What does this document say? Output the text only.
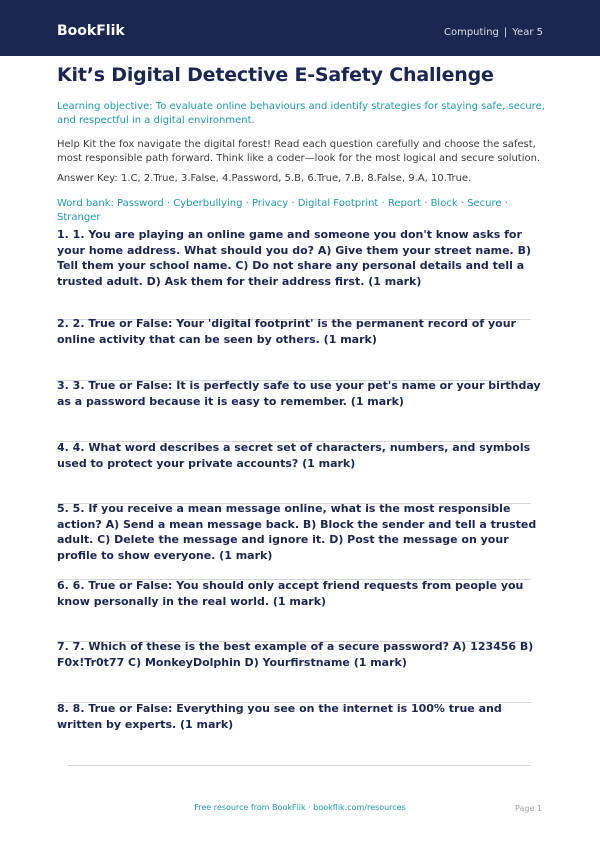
BookFlik	Computing | Year 5
Kit’s Digital Detective E-Safety Challenge
Learning objective: To evaluate online behaviours and identify strategies for staying safe, secure, and respectful in a digital environment.
Help Kit the fox navigate the digital forest! Read each question carefully and choose the safest, most responsible path forward. Think like a coder—look for the most logical and secure solution.
Answer Key: 1.C, 2.True, 3.False, 4.Password, 5.B, 6.True, 7.B, 8.False, 9.A, 10.True.
Word bank: Password · Cyberbullying · Privacy · Digital Footprint · Report · Block · Secure · Stranger

1. 1. You are playing an online game and someone you don't know asks for your home address. What should you do? A) Give them your street name. B) Tell them your school name. C) Do not share any personal details and tell a trusted adult. D) Ask them for their address first. (1 mark)

2. 2. True or False: Your 'digital footprint' is the permanent record of your online activity that can be seen by others. (1 mark)

3. 3. True or False: It is perfectly safe to use your pet's name or your birthday as a password because it is easy to remember. (1 mark)

4. 4. What word describes a secret set of characters, numbers, and symbols used to protect your private accounts? (1 mark)

5. 5. If you receive a mean message online, what is the most responsible action? A) Send a mean message back. B) Block the sender and tell a trusted adult. C) Delete the message and ignore it. D) Post the message on your profile to show everyone. (1 mark)

6. 6. True or False: You should only accept friend requests from people you know personally in the real world. (1 mark)

7. 7. Which of these is the best example of a secure password? A) 123456 B) F0x!Tr0t77 C) MonkeyDolphin D) Yourfirstname (1 mark)

8. 8. True or False: Everything you see on the internet is 100% true and written by experts. (1 mark)

Free resource from BookFlik · bookflik.com/resources	Page 1
